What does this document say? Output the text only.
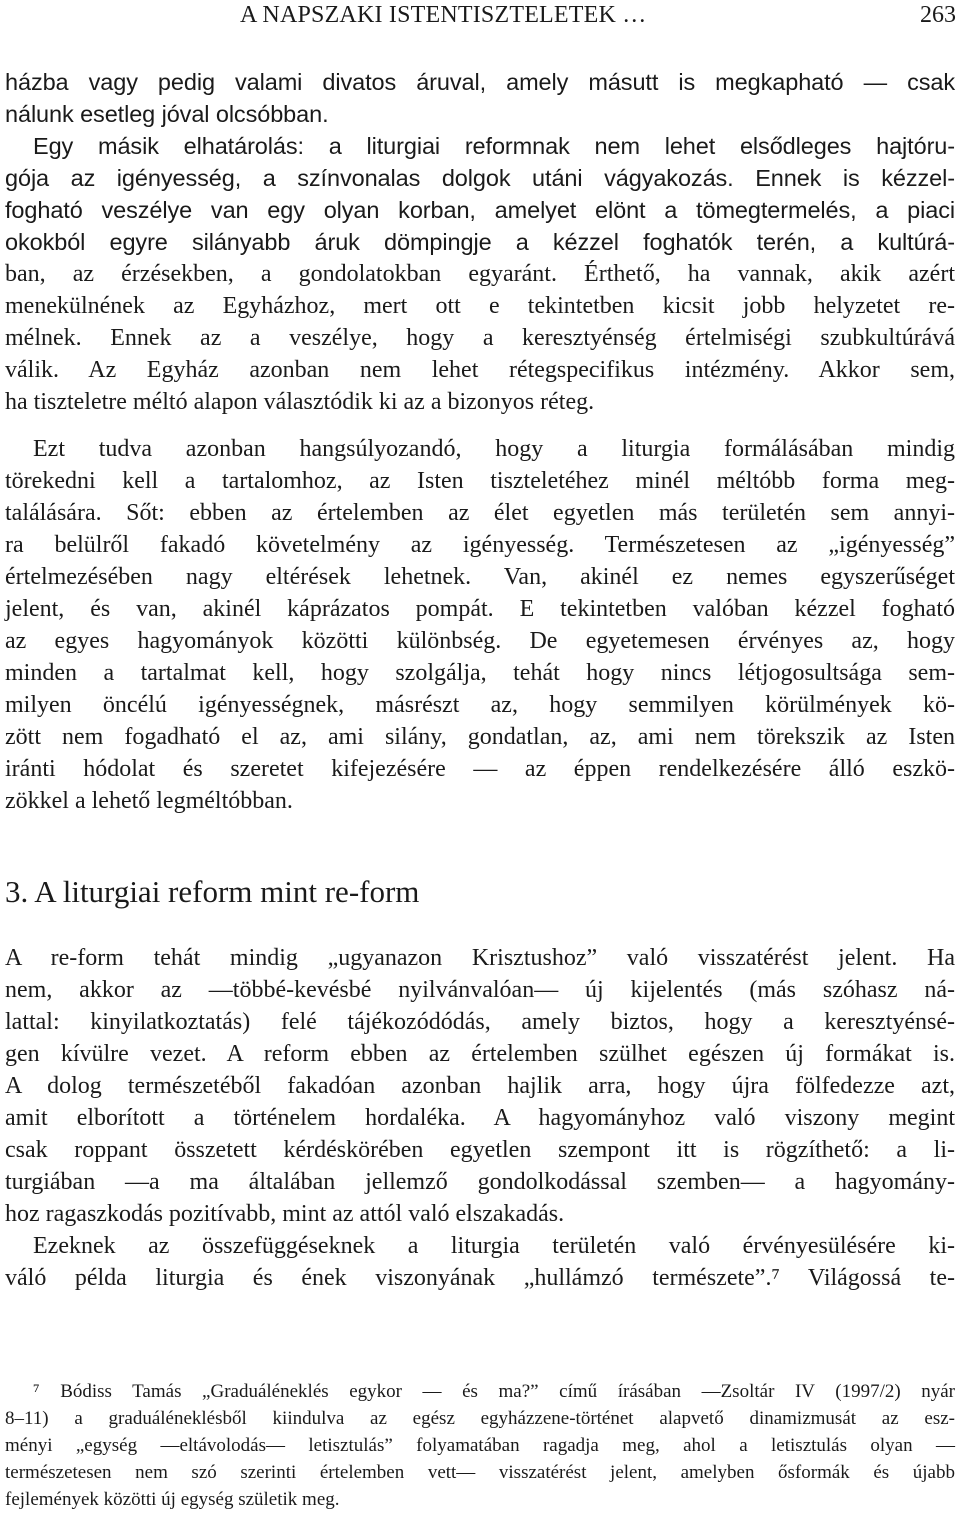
A NAPSZAKI ISTENTISZTELETEK …	263
házba vagy pedig valami divatos áruval, amely másutt is megkapható — csak
nálunk esetleg jóval olcsóbban.
Egy másik elhatárolás: a liturgiai reformnak nem lehet elsődleges hajtóru-
gója az igényesség, a színvonalas dolgok utáni vágyakozás. Ennek is kézzel-
fogható veszélye van egy olyan korban, amelyet elönt a tömegtermelés, a piaci
okokból egyre silányabb áruk dömpingje a kézzel foghatók terén, a kultúrá-
ban, az érzésekben, a gondolatokban egyaránt. Érthető, ha vannak, akik azért
menekülnének az Egyházhoz, mert ott e tekintetben kicsit jobb helyzetet re-
mélnek. Ennek az a veszélye, hogy a keresztyénség értelmiségi szubkultúrává
válik. Az Egyház azonban nem lehet rétegspecifikus intézmény. Akkor sem,
ha tiszteletre méltó alapon választódik ki az a bizonyos réteg.
Ezt tudva azonban hangsúlyozandó, hogy a liturgia formálásában mindig
törekedni kell a tartalomhoz, az Isten tiszteletéhez minél méltóbb forma meg-
találására. Sőt: ebben az értelemben az élet egyetlen más területén sem annyi-
ra belülről fakadó követelmény az igényesség. Természetesen az „igényesség”
értelmezésében nagy eltérések lehetnek. Van, akinél ez nemes egyszerűséget
jelent, és van, akinél káprázatos pompát. E tekintetben valóban kézzel fogható
az egyes hagyományok közötti különbség. De egyetemesen érvényes az, hogy
minden a tartalmat kell, hogy szolgálja, tehát hogy nincs létjogosultsága sem-
milyen öncélú igényességnek, másrészt az, hogy semmilyen körülmények kö-
zött nem fogadható el az, ami silány, gondatlan, az, ami nem törekszik az Isten
iránti hódolat és szeretet kifejezésére — az éppen rendelkezésére álló eszkö-
zökkel a lehető legméltóbban.
3. A liturgiai reform mint re-form
A re-form tehát mindig „ugyanazon Krisztushoz” való visszatérést jelent. Ha
nem, akkor az —többé-kevésbé nyilvánvalóan— új kijelentés (más szóhasz ná-
lattal: kinyilatkoztatás) felé tájékozódódás, amely biztos, hogy a keresztyénsé-
gen kívülre vezet. A reform ebben az értelemben szülhet egészen új formákat is.
A dolog természetéből fakadóan azonban hajlik arra, hogy újra fölfedezze azt,
amit elborított a történelem hordaléka. A hagyományhoz való viszony megint
csak roppant összetett kérdéskörében egyetlen szempont itt is rögzíthető: a li-
turgiában —a ma általában jellemző gondolkodással szemben— a hagyomány-
hoz ragaszkodás pozitívabb, mint az attól való elszakadás.
Ezeknek az összefüggéseknek a liturgia területén való érvényesülésére ki-
váló példa liturgia és ének viszonyának „hullámzó természete”.⁷ Világossá te-
⁷ Bódiss Tamás „Graduáléneklés egykor — és ma?” című írásában —Zsoltár IV (1997/2) nyár
8–11) a graduáléneklésből kiindulva az egész egyházzene-történet alapvető dinamizmusát az esz-
ményi „egység —eltávolodás— letisztulás” folyamatában ragadja meg, ahol a letisztulás olyan —
természetesen nem szó szerinti értelemben vett— visszatérést jelent, amelyben ősformák és újabb
fejlemények közötti új egység születik meg.
